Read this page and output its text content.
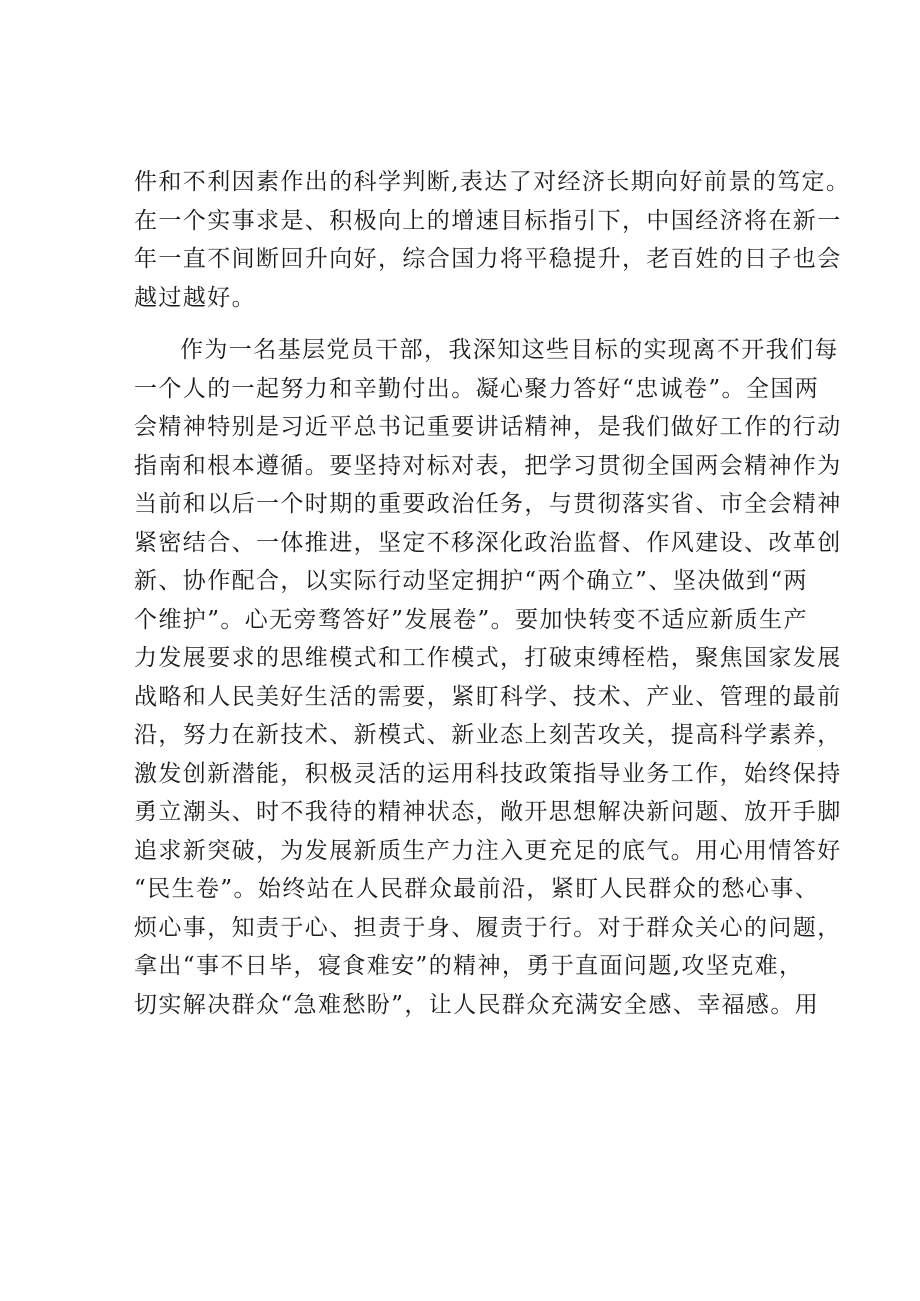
件和不利因素作出的科学判断,表达了对经济长期向好前景的笃定。
在一个实事求是、积极向上的增速目标指引下，中国经济将在新一
年一直不间断回升向好，综合国力将平稳提升，老百姓的日子也会
越过越好。
作为一名基层党员干部，我深知这些目标的实现离不开我们每
一个人的一起努力和辛勤付出。凝心聚力答好“忠诚卷”。全国两
会精神特别是习近平总书记重要讲话精神，是我们做好工作的行动
指南和根本遵循。要坚持对标对表，把学习贯彻全国两会精神作为
当前和以后一个时期的重要政治任务，与贯彻落实省、市全会精神
紧密结合、一体推进，坚定不移深化政治监督、作风建设、改革创
新、协作配合，以实际行动坚定拥护“两个确立”、坚决做到“两
个维护”。心无旁骛答好”发展卷”。要加快转变不适应新质生产
力发展要求的思维模式和工作模式，打破束缚桎梏，聚焦国家发展
战略和人民美好生活的需要，紧盯科学、技术、产业、管理的最前
沿，努力在新技术、新模式、新业态上刻苦攻关，提高科学素养，
激发创新潜能，积极灵活的运用科技政策指导业务工作，始终保持
勇立潮头、时不我待的精神状态，敞开思想解决新问题、放开手脚
追求新突破，为发展新质生产力注入更充足的底气。用心用情答好
“民生卷”。始终站在人民群众最前沿，紧盯人民群众的愁心事、
烦心事，知责于心、担责于身、履责于行。对于群众关心的问题，
拿出“事不日毕，寝食难安”的精神，勇于直面问题,攻坚克难，
切实解决群众“急难愁盼”，让人民群众充满安全感、幸福感。用
